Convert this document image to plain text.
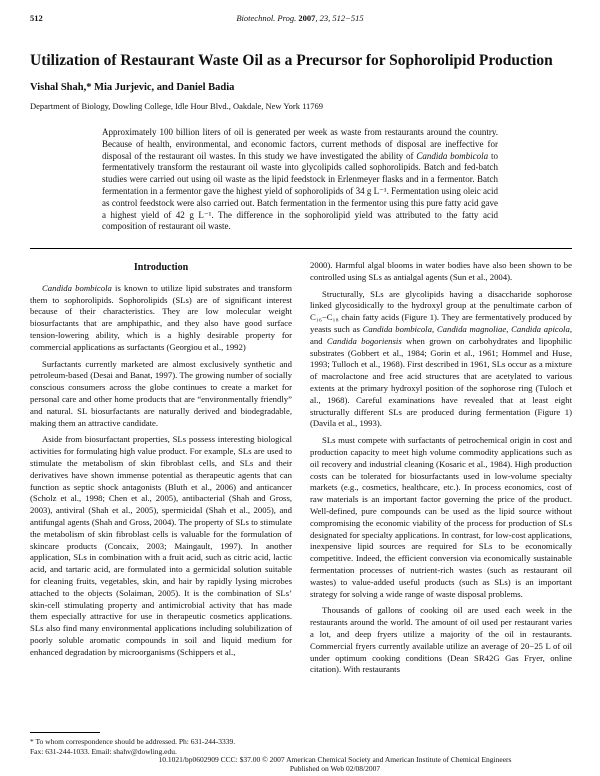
512	Biotechnol. Prog. 2007, 23, 512−515
Utilization of Restaurant Waste Oil as a Precursor for Sophorolipid Production
Vishal Shah,* Mia Jurjevic, and Daniel Badia
Department of Biology, Dowling College, Idle Hour Blvd., Oakdale, New York 11769
Approximately 100 billion liters of oil is generated per week as waste from restaurants around the country. Because of health, environmental, and economic factors, current methods of disposal are ineffective for disposal of the restaurant oil wastes. In this study we have investigated the ability of Candida bombicola to fermentatively transform the restaurant oil waste into glycolipids called sophorolipids. Batch and fed-batch studies were carried out using oil waste as the lipid feedstock in Erlenmeyer flasks and in a fermentor. Batch fermentation in a fermentor gave the highest yield of sophorolipids of 34 g L⁻¹. Fermentation using oleic acid as control feedstock were also carried out. Batch fermentation in the fermentor using this pure fatty acid gave a highest yield of 42 g L⁻¹. The difference in the sophorolipid yield was attributed to the fatty acid composition of restaurant oil waste.
Introduction

Candida bombicola is known to utilize lipid substrates and transform them to sophorolipids. Sophorolipids (SLs) are of significant interest because of their characteristics. They are low molecular weight biosurfactants that are amphipathic, and they also have good surface tension-lowering ability, which is a highly desirable property for commercial applications as surfactants (Georgiou et al., 1992)

Surfactants currently marketed are almost exclusively synthetic and petroleum-based (Desai and Banat, 1997). The growing number of socially conscious consumers across the globe continues to create a market for personal care and other home products that are “environmentally friendly” and natural. SL biosurfactants are naturally derived and biodegradable, making them an attractive candidate.

Aside from biosurfactant properties, SLs possess interesting biological activities for formulating high value product. For example, SLs are used to stimulate the metabolism of skin fibroblast cells, and SLs and their derivatives have shown immense potential as therapeutic agents that can function as septic shock antagonists (Bluth et al., 2006) and anticancer (Scholz et al., 1998; Chen et al., 2005), antibacterial (Shah and Gross, 2003), antiviral (Shah et al., 2005), spermicidal (Shah et al., 2005), and antifungal agents (Shah and Gross, 2004). The property of SLs to stimulate the metabolism of skin fibroblast cells is valuable for the formulation of skincare products (Concaix, 2003; Maingault, 1997). In another application, SLs in combination with a fruit acid, such as citric acid, lactic acid, and tartaric acid, are formulated into a germicidal solution suitable for cleaning fruits, vegetables, skin, and hair by rapidly lysing microbes attached to the objects (Solaiman, 2005). It is the combination of SLs’ skin-cell stimulating property and antimicrobial activity that has made them especially attractive for use in therapeutic cosmetics applications. SLs also find many environmental applications including solubilization of poorly soluble aromatic compounds in soil and liquid medium for enhanced degradation by microorganisms (Schippers et al.,

2000). Harmful algal blooms in water bodies have also been shown to be controlled using SLs as antialgal agents (Sun et al., 2004).

Structurally, SLs are glycolipids having a disaccharide sophorose linked glycosidically to the hydroxyl group at the penultimate carbon of C₁₆−C₁₈ chain fatty acids (Figure 1). They are fermentatively produced by yeasts such as Candida bombicola, Candida magnoliae, Candida apicola, and Candida bogoriensis when grown on carbohydrates and lipophilic substrates (Gobbert et al., 1984; Gorin et al., 1961; Hommel and Huse, 1993; Tulloch et al., 1968). First described in 1961, SLs occur as a mixture of macrolactone and free acid structures that are acetylated to various extents at the primary hydroxyl position of the sophorose ring (Tuloch et al., 1968). Careful examinations have revealed that at least eight structurally different SLs are produced during fermentation (Figure 1) (Davila et al., 1993).

SLs must compete with surfactants of petrochemical origin in cost and production capacity to meet high volume commodity applications such as oil recovery and industrial cleaning (Kosaric et al., 1984). High production costs can be tolerated for biosurfactants used in low-volume specialty markets (e.g., cosmetics, healthcare, etc.). In process economics, cost of raw materials is an important factor governing the price of the product. Well-defined, pure compounds can be used as the lipid source without compromising the economic viability of the process for production of SLs designated for specialty applications. In contrast, for low-cost applications, inexpensive lipid sources are required for SLs to be economically competitive. Indeed, the efficient conversion via economically sustainable fermentation processes of nutrient-rich wastes (such as restaurant oil wastes) to value-added useful products (such as SLs) is an important strategy for solving a wide range of waste disposal problems.

Thousands of gallons of cooking oil are used each week in the restaurants around the world. The amount of oil used per restaurant varies a lot, and deep fryers utilize a majority of the oil in restaurants. Commercial fryers currently available utilize an average of 20−25 L of oil under optimum cooking conditions (Dean SR42G Gas Fryer, online citation). With restaurants

* To whom correspondence should be addressed. Ph: 631-244-3339.
Fax: 631-244-1033. Email: shahv@dowling.edu.
10.1021/bp0602909 CCC: $37.00 © 2007 American Chemical Society and American Institute of Chemical Engineers
Published on Web 02/08/2007
